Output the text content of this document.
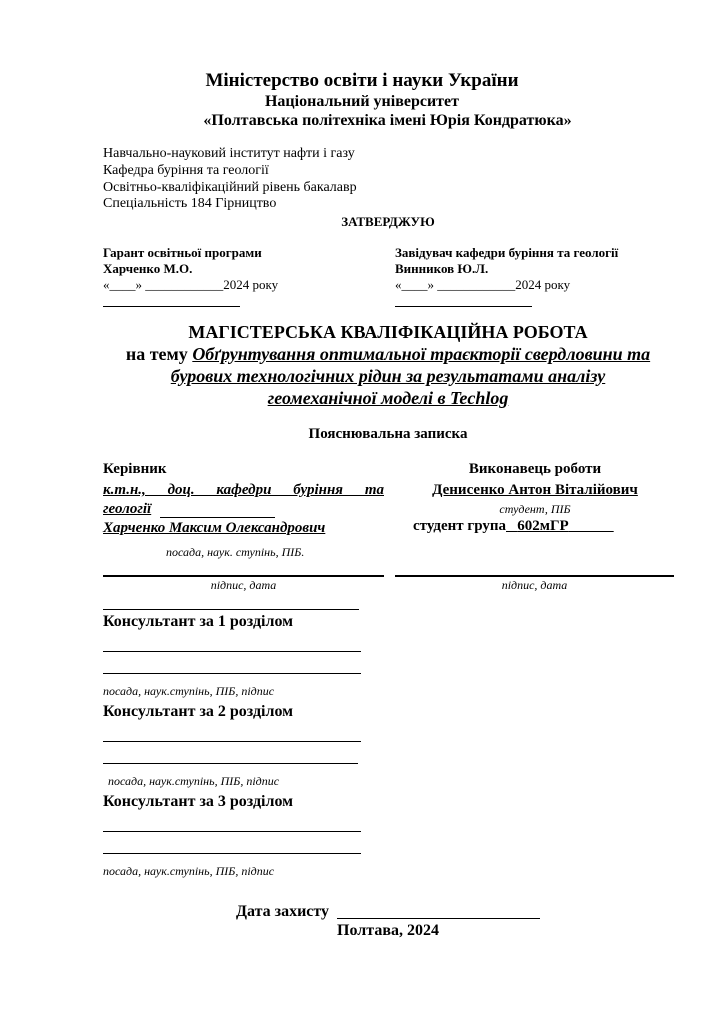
Міністерство освіти і науки України
Національний університет
«Полтавська політехніка імені Юрія Кондратюка»
Навчально-науковий інститут нафти і газу
Кафедра буріння та геології
Освітньо-кваліфікаційний рівень бакалавр
Спеціальність 184 Гірництво
ЗАТВЕРДЖУЮ
Гарант освітньої програми
Харченко М.О.
«____» ____________2024 року
Завідувач кафедри буріння та геології
Винников Ю.Л.
«____» ____________2024 року
МАГІСТЕРСЬКА КВАЛІФІКАЦІЙНА РОБОТА
на тему Обґрунтування оптимальної траєкторії свердловини та
бурових технологічних рідин за результатами аналізу
геомеханічної моделі в Techlog
Пояснювальна записка
Керівник
к.т.н., доц. кафедри буріння та
геології
Харченко Максим Олександрович
посада, наук. ступінь, ПІБ.
підпис, дата
Виконавець роботи
Денисенко Антон Віталійович
студент, ПІБ
студент група 602мГР
підпис, дата
Консультант за 1 розділом
посада, наук.ступінь, ПІБ, підпис
Консультант за 2 розділом
посада, наук.ступінь, ПІБ, підпис
Консультант за 3 розділом
посада, наук.ступінь, ПІБ, підпис
Дата захисту
Полтава, 2024
